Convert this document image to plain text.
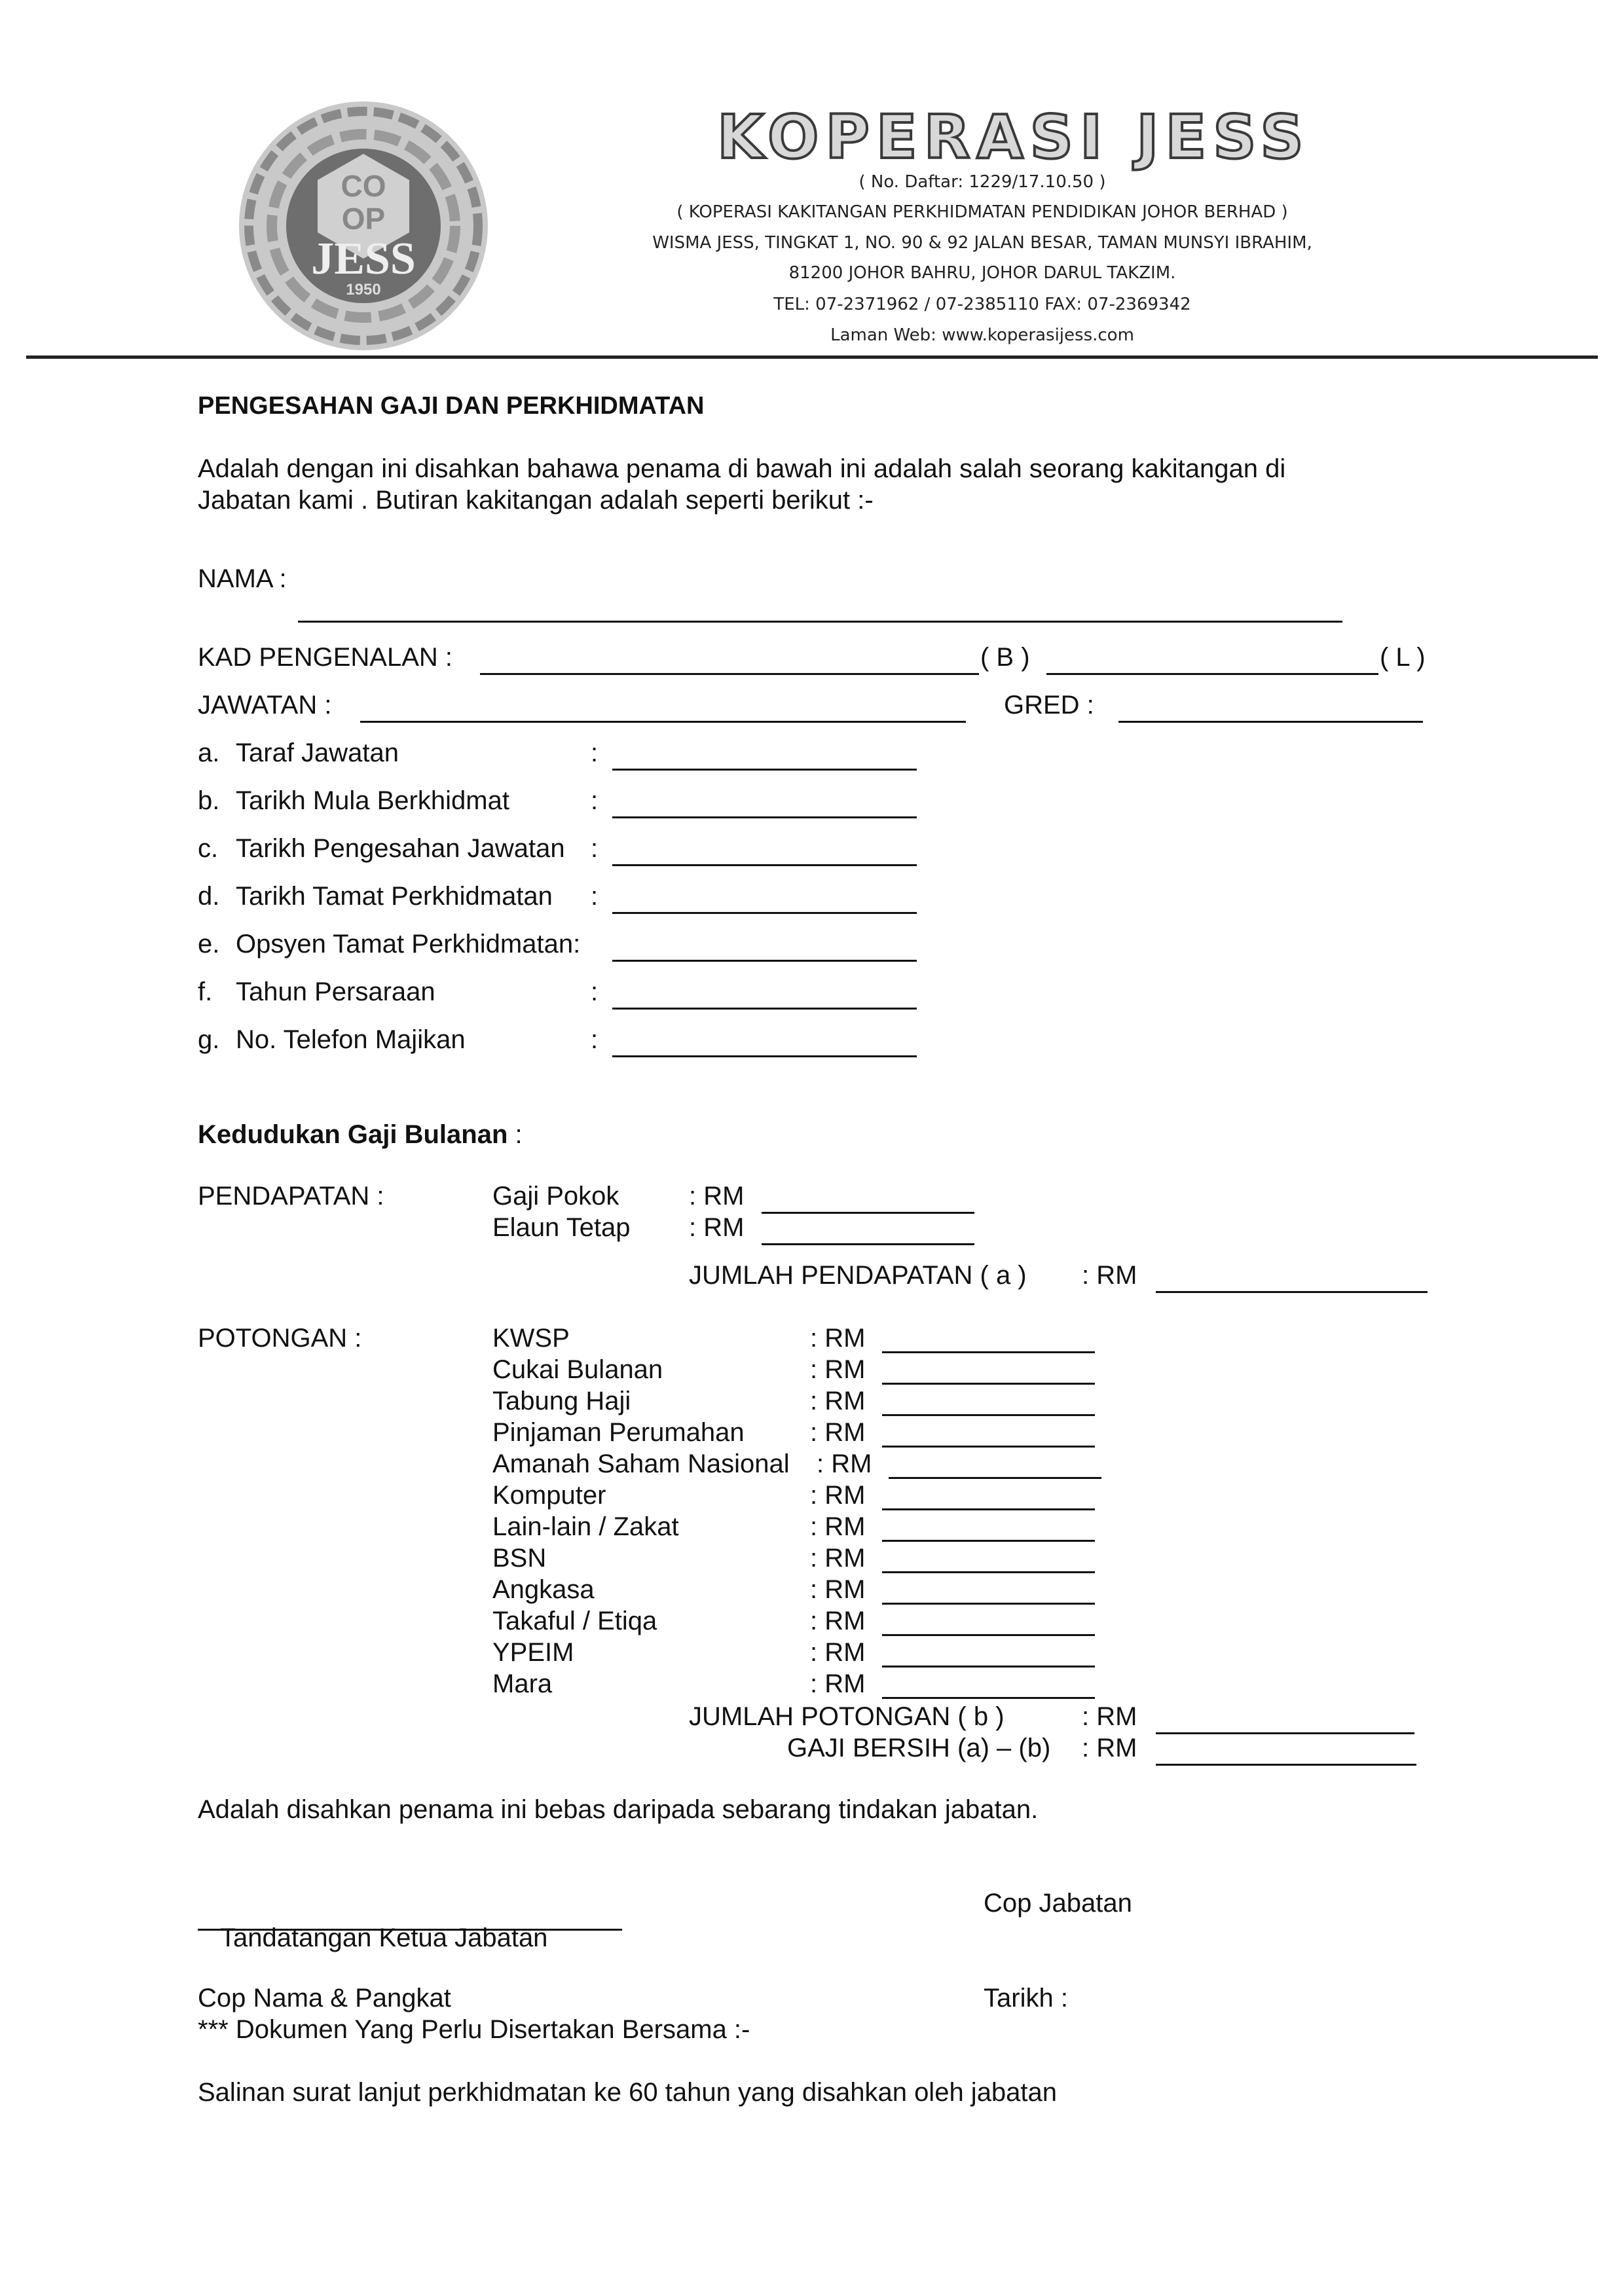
CO
OP
JESS
1950
KOPERASI JESS
( No. Daftar: 1229/17.10.50 )
( KOPERASI KAKITANGAN PERKHIDMATAN PENDIDIKAN JOHOR BERHAD )
WISMA JESS, TINGKAT 1, NO. 90 & 92 JALAN BESAR, TAMAN MUNSYI IBRAHIM,
81200 JOHOR BAHRU, JOHOR DARUL TAKZIM.
TEL: 07-2371962 / 07-2385110 FAX: 07-2369342
Laman Web: www.koperasijess.com
PENGESAHAN GAJI DAN PERKHIDMATAN
Adalah dengan ini disahkan bahawa penama di bawah ini adalah salah seorang kakitangan di
Jabatan kami . Butiran kakitangan adalah seperti berikut :-
NAMA :
KAD PENGENALAN :	( B )	( L )
JAWATAN :	GRED :
a. Taraf Jawatan	:
b. Tarikh Mula Berkhidmat	:
c. Tarikh Pengesahan Jawatan :
d. Tarikh Tamat Perkhidmatan :
e. Opsyen Tamat Perkhidmatan:
f. Tahun Persaraan	:
g. No. Telefon Majikan	:
Kedudukan Gaji Bulanan :
PENDAPATAN :	Gaji Pokok	: RM
Elaun Tetap : RM
JUMLAH PENDAPATAN ( a ) : RM
POTONGAN :	KWSP	: RM
Cukai Bulanan	: RM
Tabung Haji	: RM
Pinjaman Perumahan	: RM
Amanah Saham Nasional : RM
Komputer	: RM
Lain-lain / Zakat	: RM
BSN	: RM
Angkasa	: RM
Takaful / Etiqa	: RM
YPEIM	: RM
Mara	: RM
JUMLAH POTONGAN ( b )	: RM
GAJI BERSIH (a) – (b) : RM
Adalah disahkan penama ini bebas daripada sebarang tindakan jabatan.
Tandatangan Ketua Jabatan
Cop Jabatan
Cop Nama & Pangkat	Tarikh :
*** Dokumen Yang Perlu Disertakan Bersama :-
Salinan surat lanjut perkhidmatan ke 60 tahun yang disahkan oleh jabatan
